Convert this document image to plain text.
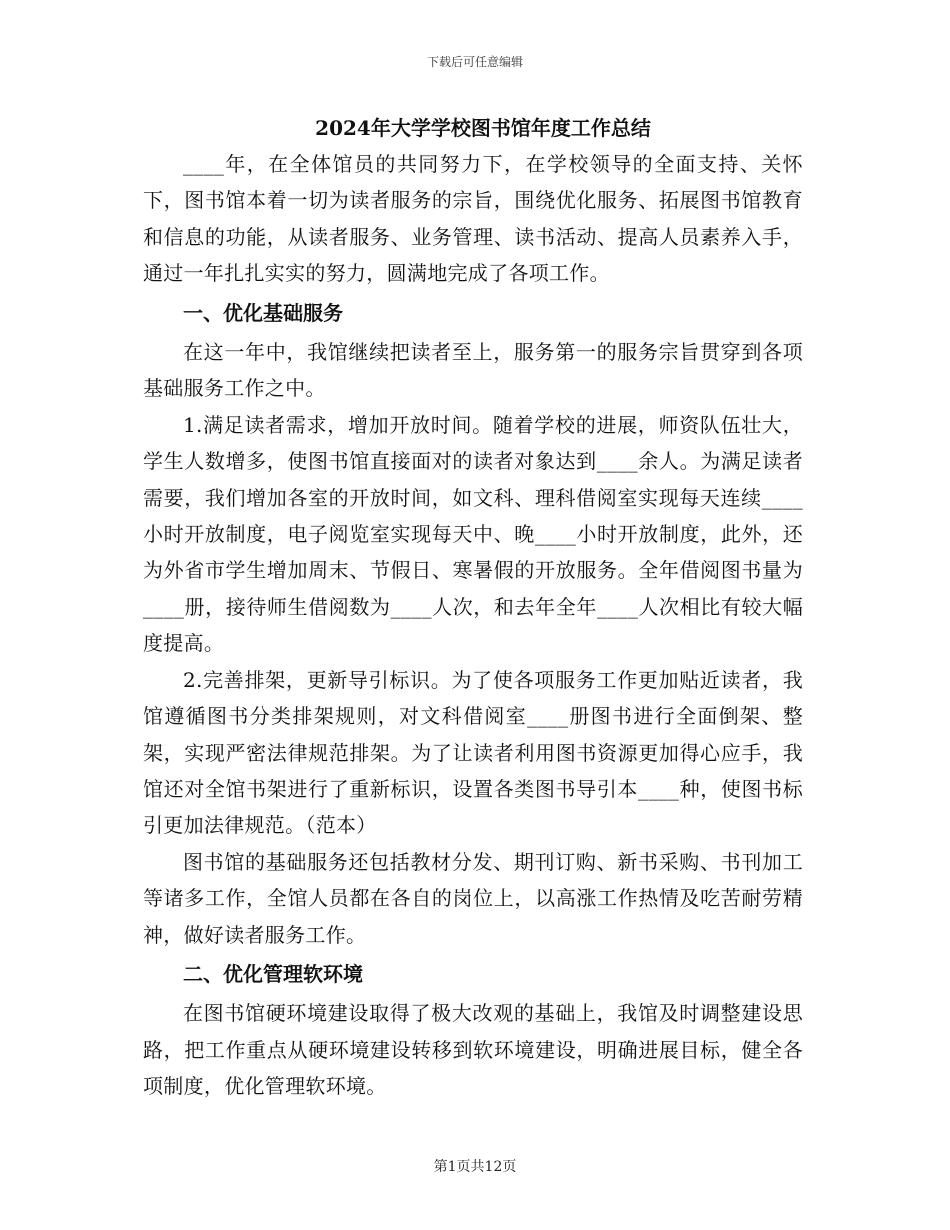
下载后可任意编辑
2024年大学学校图书馆年度工作总结

____年，在全体馆员的共同努力下，在学校领导的全面支持、关怀下，图书馆本着一切为读者服务的宗旨，围绕优化服务、拓展图书馆教育和信息的功能，从读者服务、业务管理、读书活动、提高人员素养入手，通过一年扎扎实实的努力，圆满地完成了各项工作。

一、优化基础服务

在这一年中，我馆继续把读者至上，服务第一的服务宗旨贯穿到各项基础服务工作之中。

1.满足读者需求，增加开放时间。随着学校的进展，师资队伍壮大，学生人数增多，使图书馆直接面对的读者对象达到____余人。为满足读者需要，我们增加各室的开放时间，如文科、理科借阅室实现每天连续____小时开放制度，电子阅览室实现每天中、晚____小时开放制度，此外，还为外省市学生增加周末、节假日、寒暑假的开放服务。全年借阅图书量为____册，接待师生借阅数为____人次，和去年全年____人次相比有较大幅度提高。

2.完善排架，更新导引标识。为了使各项服务工作更加贴近读者，我馆遵循图书分类排架规则，对文科借阅室____册图书进行全面倒架、整架，实现严密法律规范排架。为了让读者利用图书资源更加得心应手，我馆还对全馆书架进行了重新标识，设置各类图书导引本____种，使图书标引更加法律规范。（范本）

图书馆的基础服务还包括教材分发、期刊订购、新书采购、书刊加工等诸多工作，全馆人员都在各自的岗位上，以高涨工作热情及吃苦耐劳精神，做好读者服务工作。

二、优化管理软环境

在图书馆硬环境建设取得了极大改观的基础上，我馆及时调整建设思路，把工作重点从硬环境建设转移到软环境建设，明确进展目标，健全各项制度，优化管理软环境。

第1页共12页
